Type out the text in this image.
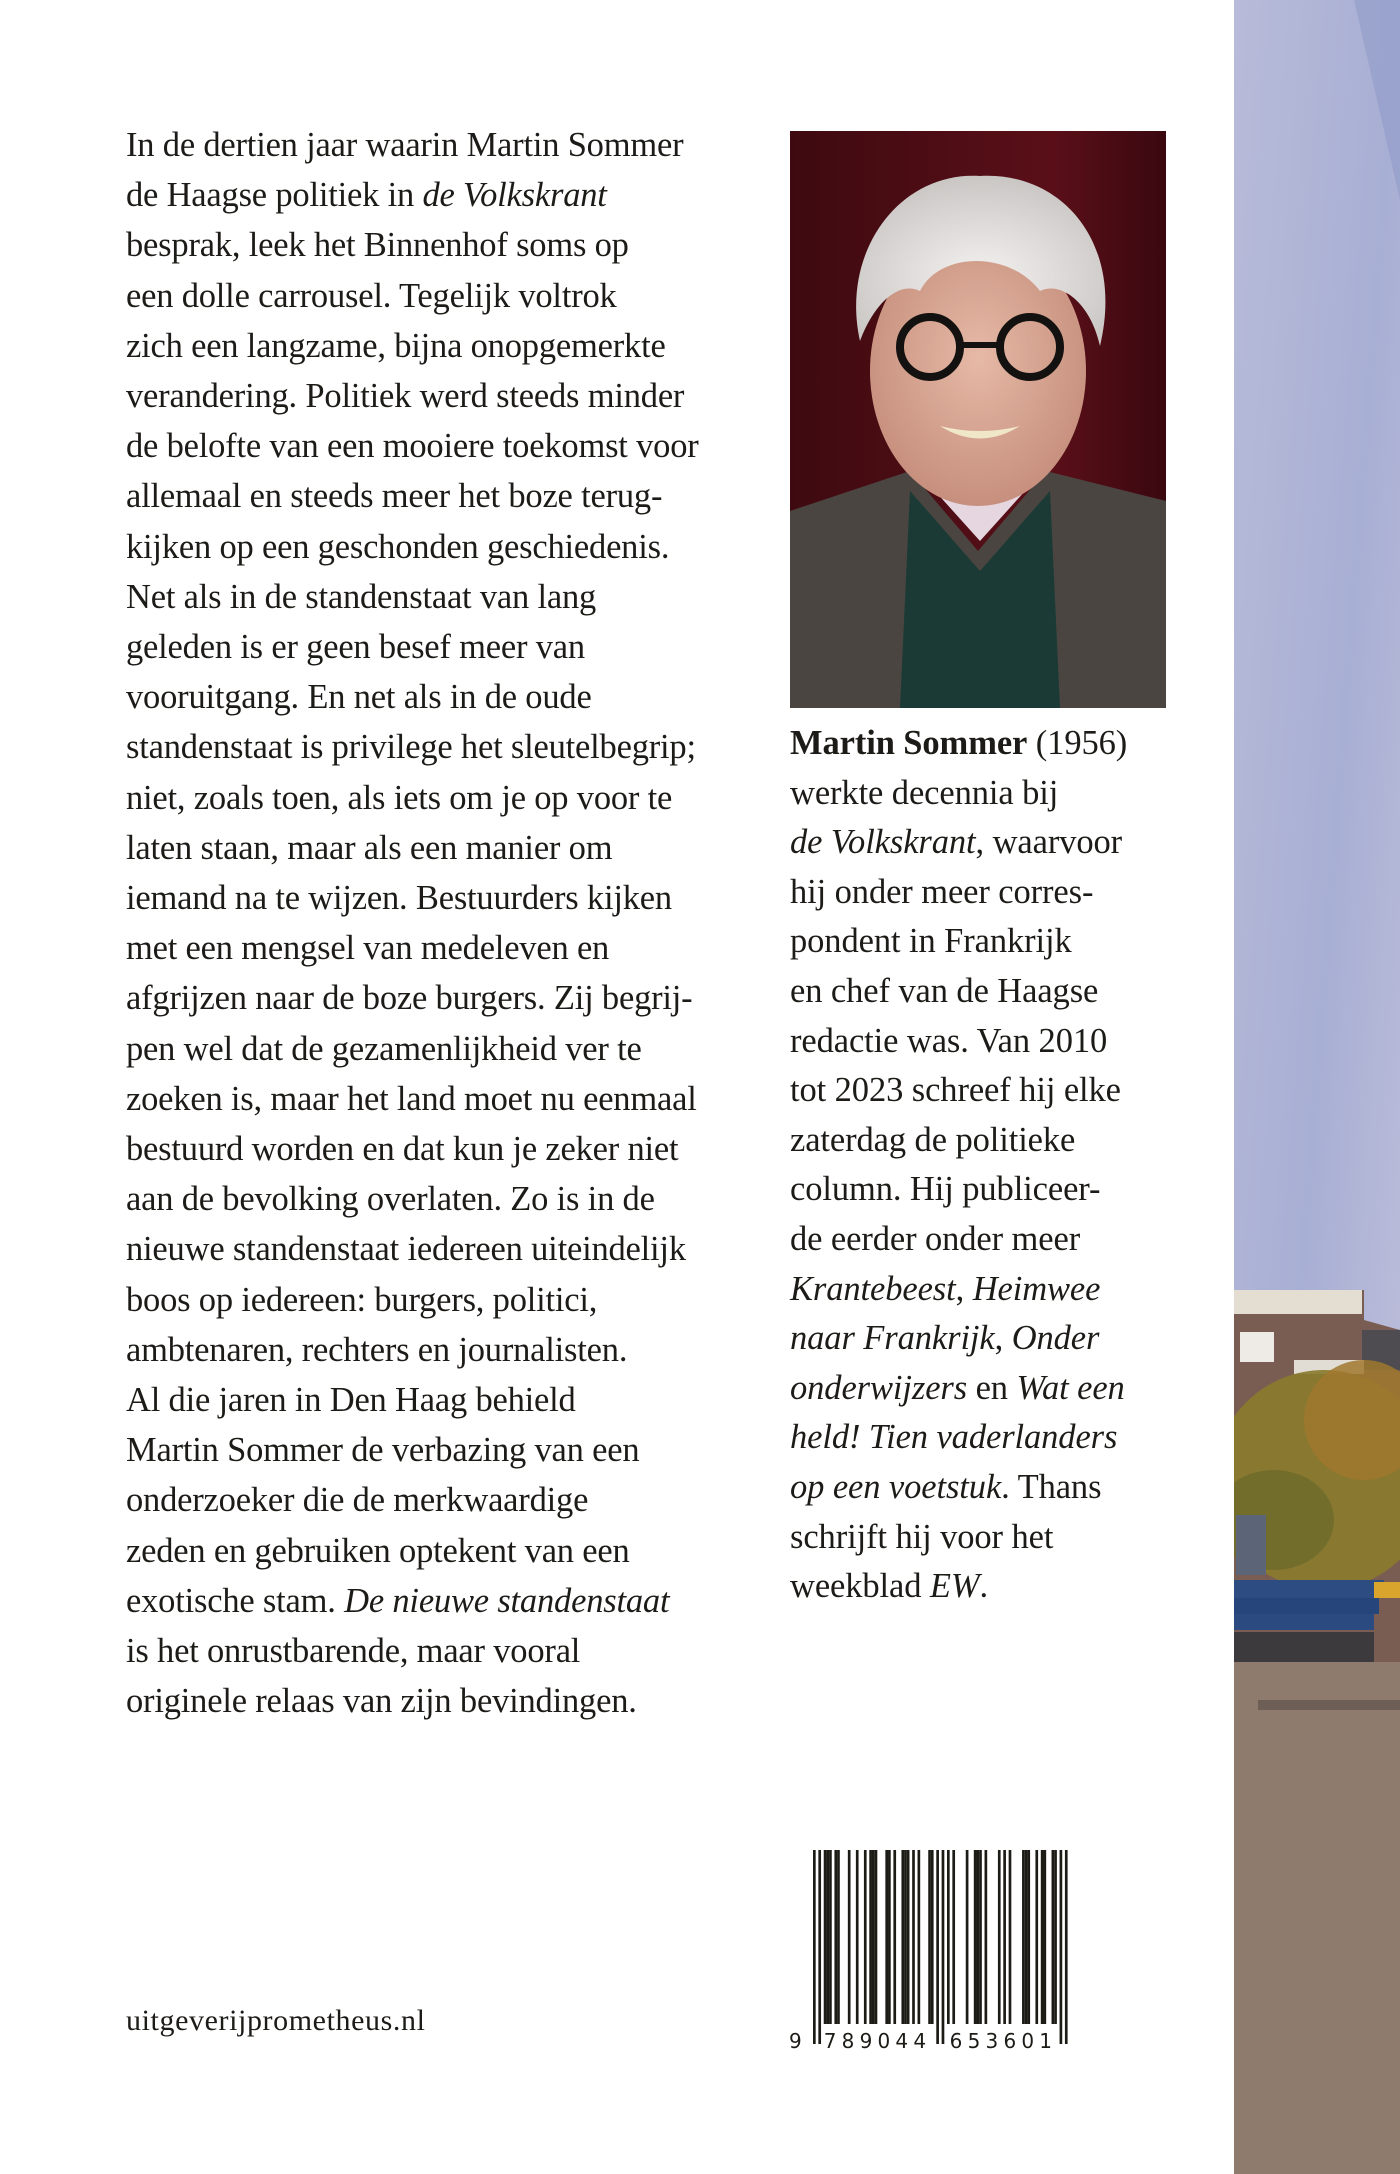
In de dertien jaar waarin Martin Sommer
de Haagse politiek in de Volkskrant
besprak, leek het Binnenhof soms op
een dolle carrousel. Tegelijk voltrok
zich een langzame, bijna onopgemerkte
verandering. Politiek werd steeds minder
de belofte van een mooiere toekomst voor
allemaal en steeds meer het boze terug-
kijken op een geschonden geschiedenis.
Net als in de standenstaat van lang
geleden is er geen besef meer van
vooruitgang. En net als in de oude
standenstaat is privilege het sleutelbegrip;
niet, zoals toen, als iets om je op voor te
laten staan, maar als een manier om
iemand na te wijzen. Bestuurders kijken
met een mengsel van medeleven en
afgrijzen naar de boze burgers. Zij begrij-
pen wel dat de gezamenlijkheid ver te
zoeken is, maar het land moet nu eenmaal
bestuurd worden en dat kun je zeker niet
aan de bevolking overlaten. Zo is in de
nieuwe standenstaat iedereen uiteindelijk
boos op iedereen: burgers, politici,
ambtenaren, rechters en journalisten.
Al die jaren in Den Haag behield
Martin Sommer de verbazing van een
onderzoeker die de merkwaardige
zeden en gebruiken optekent van een
exotische stam. De nieuwe standenstaat
is het onrustbarende, maar vooral
originele relaas van zijn bevindingen.
Martin Sommer (1956)
werkte decennia bij
de Volkskrant, waarvoor
hij onder meer corres-
pondent in Frankrijk
en chef van de Haagse
redactie was. Van 2010
tot 2023 schreef hij elke
zaterdag de politieke
column. Hij publiceer-
de eerder onder meer
Krantebeest, Heimwee
naar Frankrijk, Onder
onderwijzers en Wat een
held! Tien vaderlanders
op een voetstuk. Thans
schrijft hij voor het
weekblad EW.
9 789044 653601
uitgeverijprometheus.nl
